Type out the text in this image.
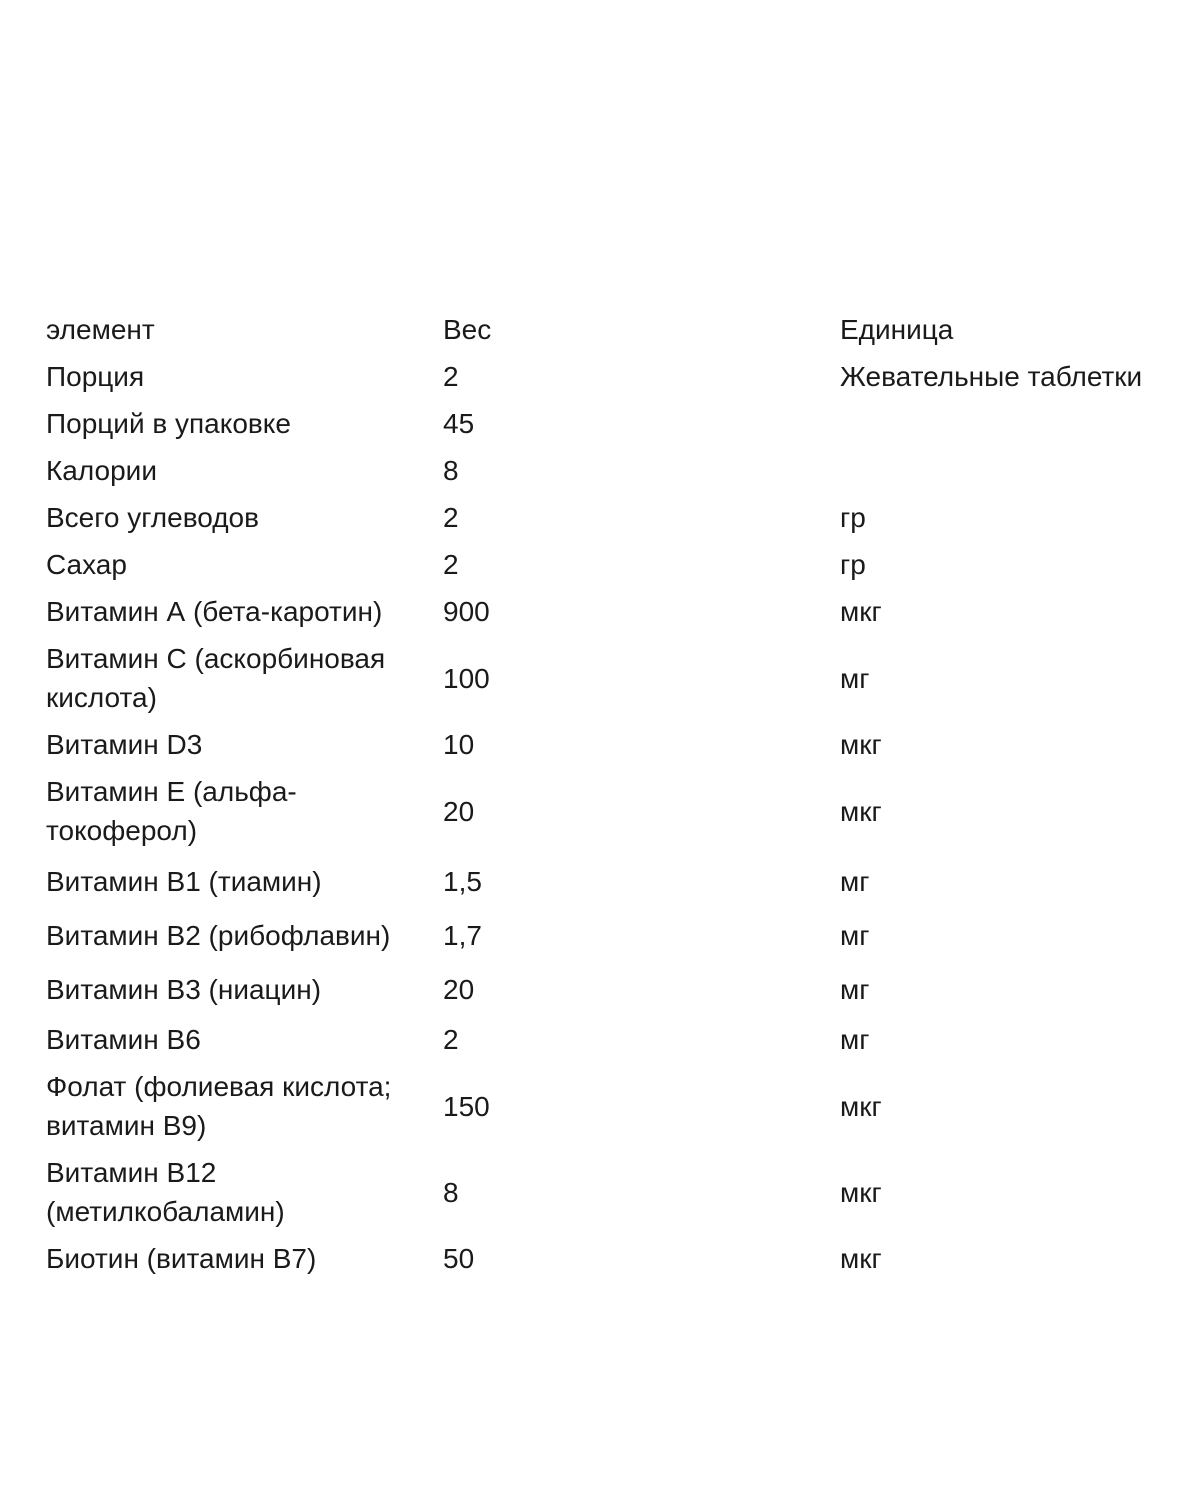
элемент	Вес	Единица
Порция	2	Жевательные таблетки
Порций в упаковке	45	
Калории	8	
Всего углеводов	2	гр
Сахар	2	гр
Витамин А (бета-каротин)	900	мкг
Витамин С (аскорбиновая кислота)	100	мг
Витамин D3	10	мкг
Витамин Е (альфа-токоферол)	20	мкг
Витамин B1 (тиамин)	1,5	мг
Витамин B2 (рибофлавин)	1,7	мг
Витамин B3 (ниацин)	20	мг
Витамин B6	2	мг
Фолат (фолиевая кислота; витамин B9)	150	мкг
Витамин B12 (метилкобаламин)	8	мкг
Биотин (витамин B7)	50	мкг
